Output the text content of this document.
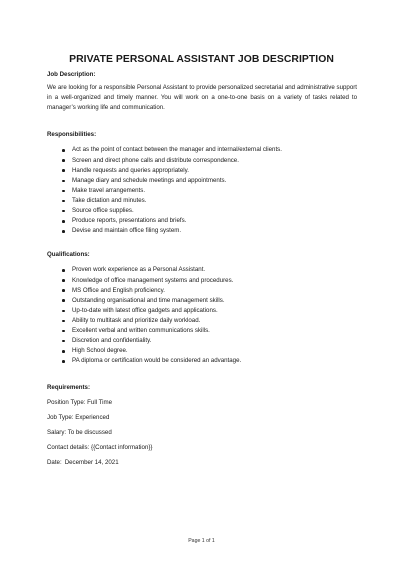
PRIVATE PERSONAL ASSISTANT JOB DESCRIPTION

Job Description:

We are looking for a responsible Personal Assistant to provide personalized secretarial and administrative support in a well-organized and timely manner. You will work on a one-to-one basis on a variety of tasks related to manager’s working life and communication.

Responsibilities:

Act as the point of contact between the manager and internal/external clients.
Screen and direct phone calls and distribute correspondence.
Handle requests and queries appropriately.
Manage diary and schedule meetings and appointments.
Make travel arrangements.
Take dictation and minutes.
Source office supplies.
Produce reports, presentations and briefs.
Devise and maintain office filing system.

Qualifications:

Proven work experience as a Personal Assistant.
Knowledge of office management systems and procedures.
MS Office and English proficiency.
Outstanding organisational and time management skills.
Up-to-date with latest office gadgets and applications.
Ability to multitask and prioritize daily workload.
Excellent verbal and written communications skills.
Discretion and confidentiality.
High School degree.
PA diploma or certification would be considered an advantage.

Requirements:

Position Type: Full Time

Job Type: Experienced

Salary: To be discussed

Contact details: {{Contact information}}

Date: December 14, 2021

Page 1 of 1
